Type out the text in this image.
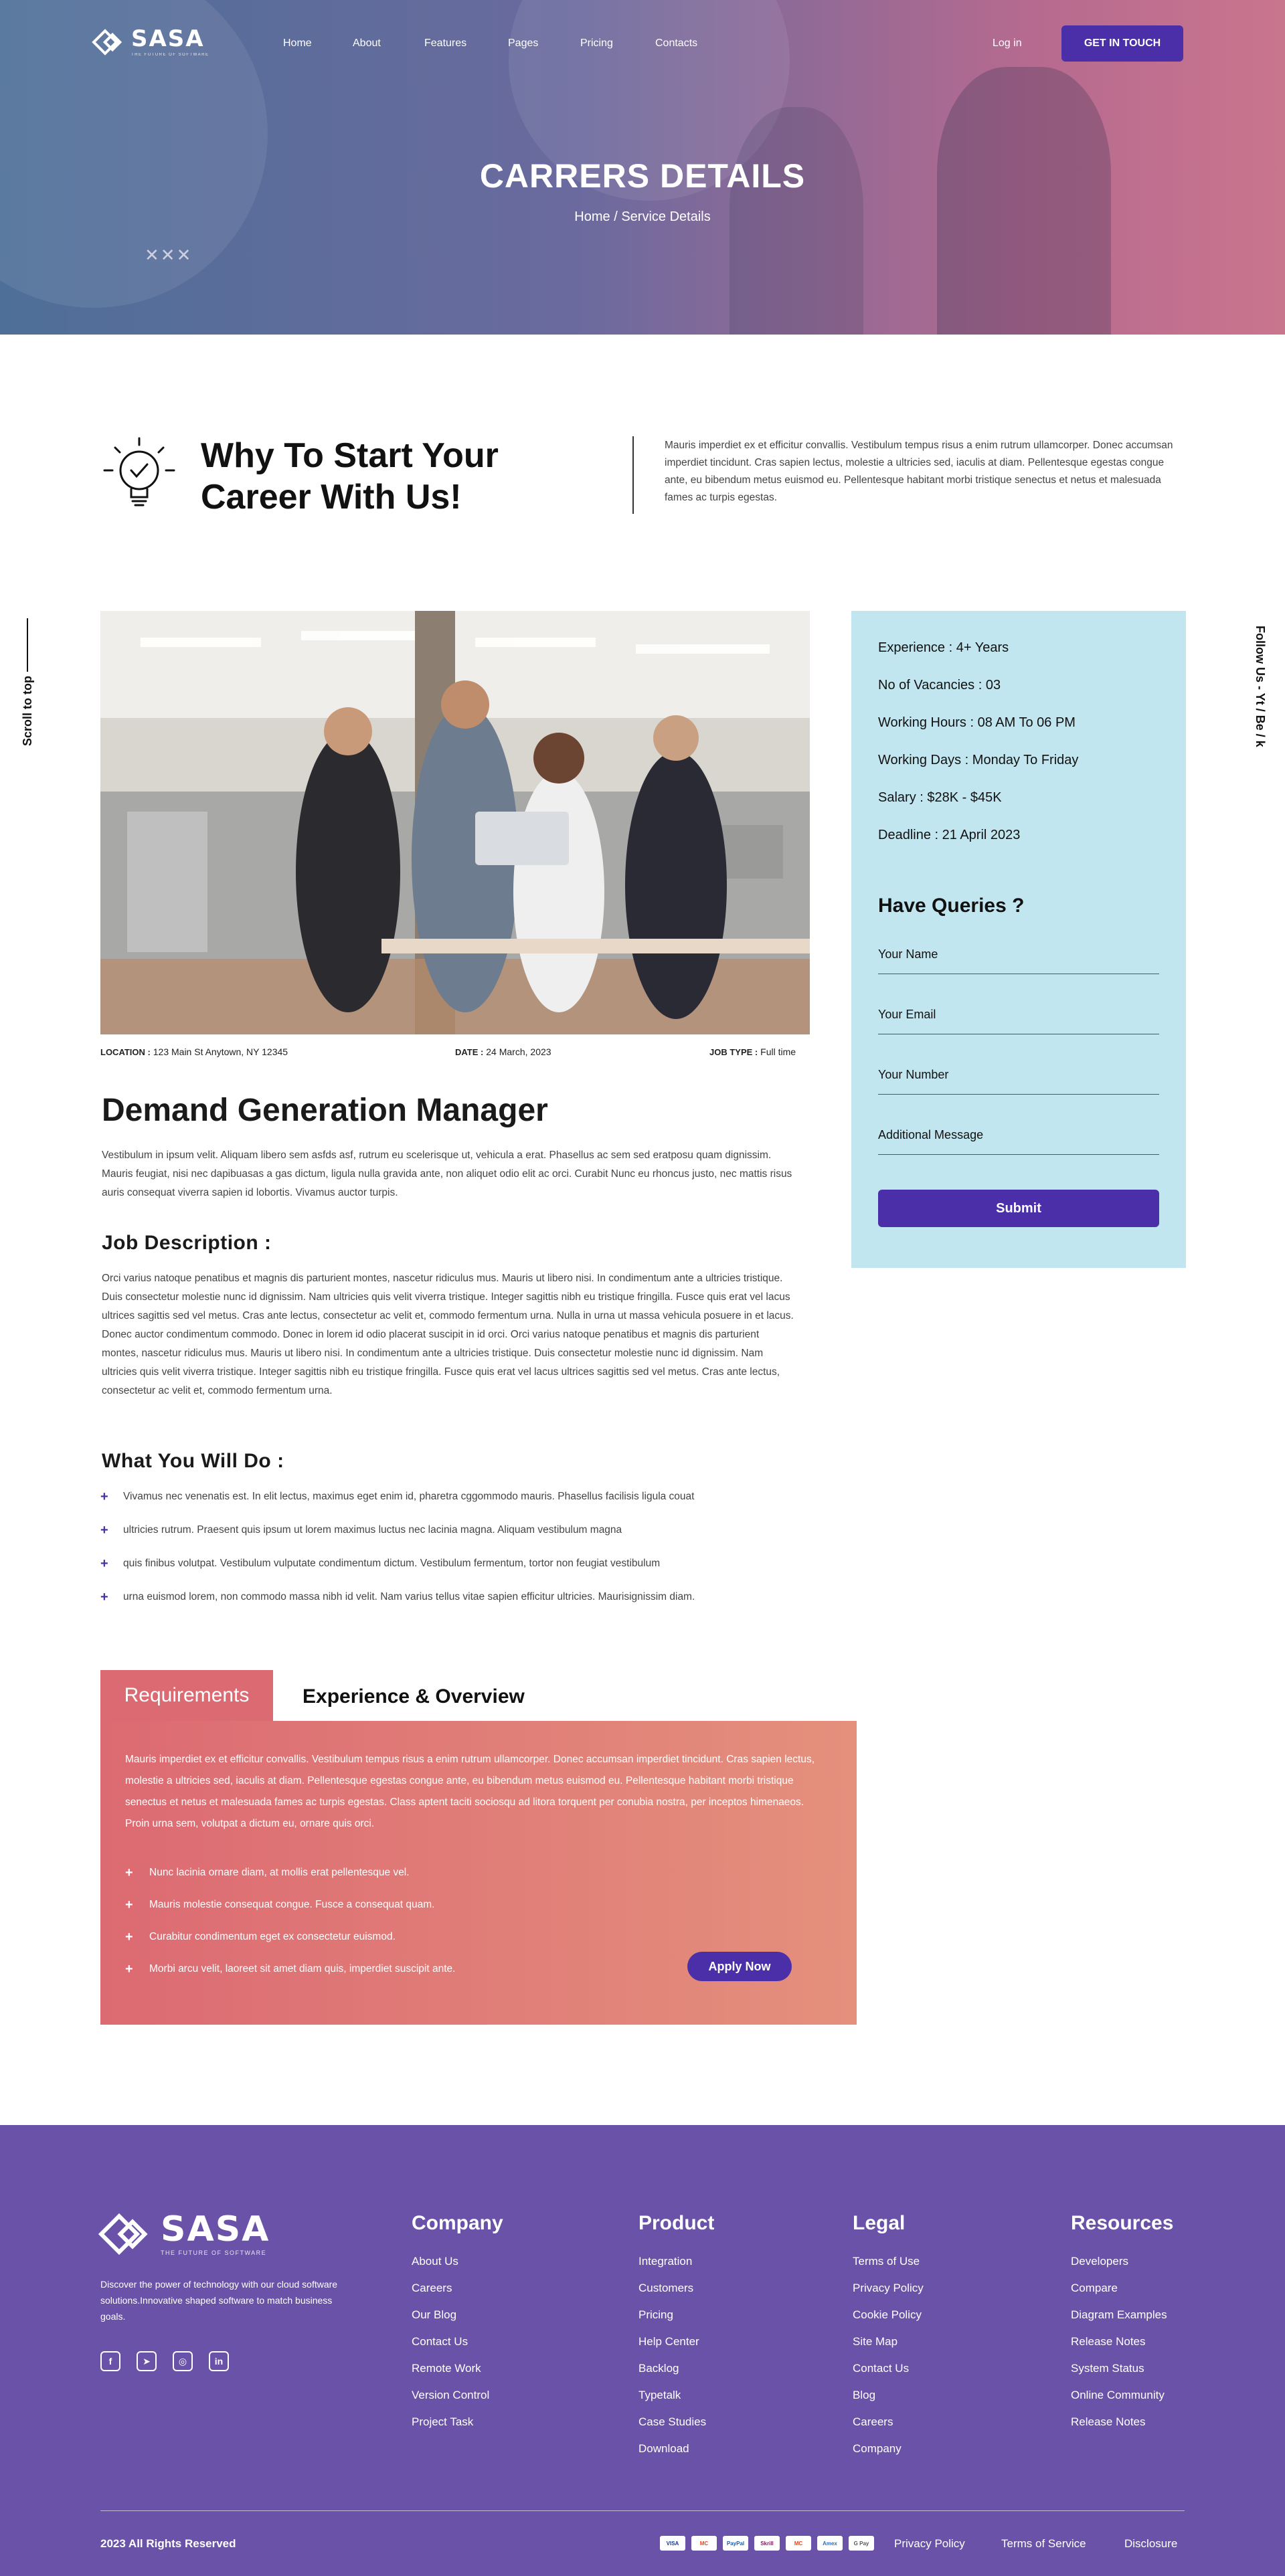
SASA
THE FUTURE OF SOFTWARE
Home	About	Features	Pages	Pricing	Contacts	Log in	GET IN TOUCH
CARRERS DETAILS
Home / Service Details
✕✕✕
Why To Start Your
Career With Us!
Mauris imperdiet ex et efficitur convallis. Vestibulum tempus risus a enim rutrum ullamcorper. Donec accumsan imperdiet tincidunt. Cras sapien lectus, molestie a ultricies sed, iaculis at diam. Pellentesque egestas congue ante, eu bibendum metus euismod eu. Pellentesque habitant morbi tristique senectus et netus et malesuada fames ac turpis egestas.
Scroll to top	Follow Us - Yt / Be / k
LOCATION : 123 Main St Anytown, NY 12345	DATE : 24 March, 2023	JOB TYPE : Full time
Demand Generation Manager
Vestibulum in ipsum velit. Aliquam libero sem asfds asf, rutrum eu scelerisque ut, vehicula a erat. Phasellus ac sem sed eratposu quam dignissim. Mauris feugiat, nisi nec dapibuasas a gas dictum, ligula nulla gravida ante, non aliquet odio elit ac orci. Curabit Nunc eu rhoncus justo, nec mattis risus auris consequat viverra sapien id lobortis. Vivamus auctor turpis.
Job Description :
Orci varius natoque penatibus et magnis dis parturient montes, nascetur ridiculus mus. Mauris ut libero nisi. In condimentum ante a ultricies tristique. Duis consectetur molestie nunc id dignissim. Nam ultricies quis velit viverra tristique. Integer sagittis nibh eu tristique fringilla. Fusce quis erat vel lacus ultrices sagittis sed vel metus. Cras ante lectus, consectetur ac velit et, commodo fermentum urna. Nulla in urna ut massa vehicula posuere in et lacus. Donec auctor condimentum commodo. Donec in lorem id odio placerat suscipit in id orci. Orci varius natoque penatibus et magnis dis parturient montes, nascetur ridiculus mus. Mauris ut libero nisi. In condimentum ante a ultricies tristique. Duis consectetur molestie nunc id dignissim. Nam ultricies quis velit viverra tristique. Integer sagittis nibh eu tristique fringilla. Fusce quis erat vel lacus ultrices sagittis sed vel metus. Cras ante lectus, consectetur ac velit et, commodo fermentum urna.
What You Will Do :
+ Vivamus nec venenatis est. In elit lectus, maximus eget enim id, pharetra cggommodo mauris. Phasellus facilisis ligula couat
+ ultricies rutrum. Praesent quis ipsum ut lorem maximus luctus nec lacinia magna. Aliquam vestibulum magna
+ quis finibus volutpat. Vestibulum vulputate condimentum dictum. Vestibulum fermentum, tortor non feugiat vestibulum
+ urna euismod lorem, non commodo massa nibh id velit. Nam varius tellus vitae sapien efficitur ultricies. Maurisignissim diam.
Experience : 4+ Years
No of Vacancies : 03
Working Hours : 08 AM To 06 PM
Working Days : Monday To Friday
Salary : $28K - $45K
Deadline : 21 April 2023
Have Queries ?
Your Name
Your Email
Your Number
Additional Message
Submit
Requirements	Experience & Overview
Mauris imperdiet ex et efficitur convallis. Vestibulum tempus risus a enim rutrum ullamcorper. Donec accumsan imperdiet tincidunt. Cras sapien lectus, molestie a ultricies sed, iaculis at diam. Pellentesque egestas congue ante, eu bibendum metus euismod eu. Pellentesque habitant morbi tristique senectus et netus et malesuada fames ac turpis egestas. Class aptent taciti sociosqu ad litora torquent per conubia nostra, per inceptos himenaeos. Proin urna sem, volutpat a dictum eu, ornare quis orci.
+ Nunc lacinia ornare diam, at mollis erat pellentesque vel.
+ Mauris molestie consequat congue. Fusce a consequat quam.
+ Curabitur condimentum eget ex consectetur euismod.
+ Morbi arcu velit, laoreet sit amet diam quis, imperdiet suscipit ante.	Apply Now
SASA
THE FUTURE OF SOFTWARE
Discover the power of technology with our cloud software solutions.Innovative shaped software to match business goals.
f	➤	◎	in
Company
About Us
Careers
Our Blog
Contact Us
Remote Work
Version Control
Project Task
Product
Integration
Customers
Pricing
Help Center
Backlog
Typetalk
Case Studies
Download
Legal
Terms of Use
Privacy Policy
Cookie Policy
Site Map
Contact Us
Blog
Careers
Company
Resources
Developers
Compare
Diagram Examples
Release Notes
System Status
Online Community
Release Notes
2023 All Rights Reserved	VISA	MC	PayPal	Skrill	MC	Amex	G Pay	Privacy Policy	Terms of Service	Disclosure
